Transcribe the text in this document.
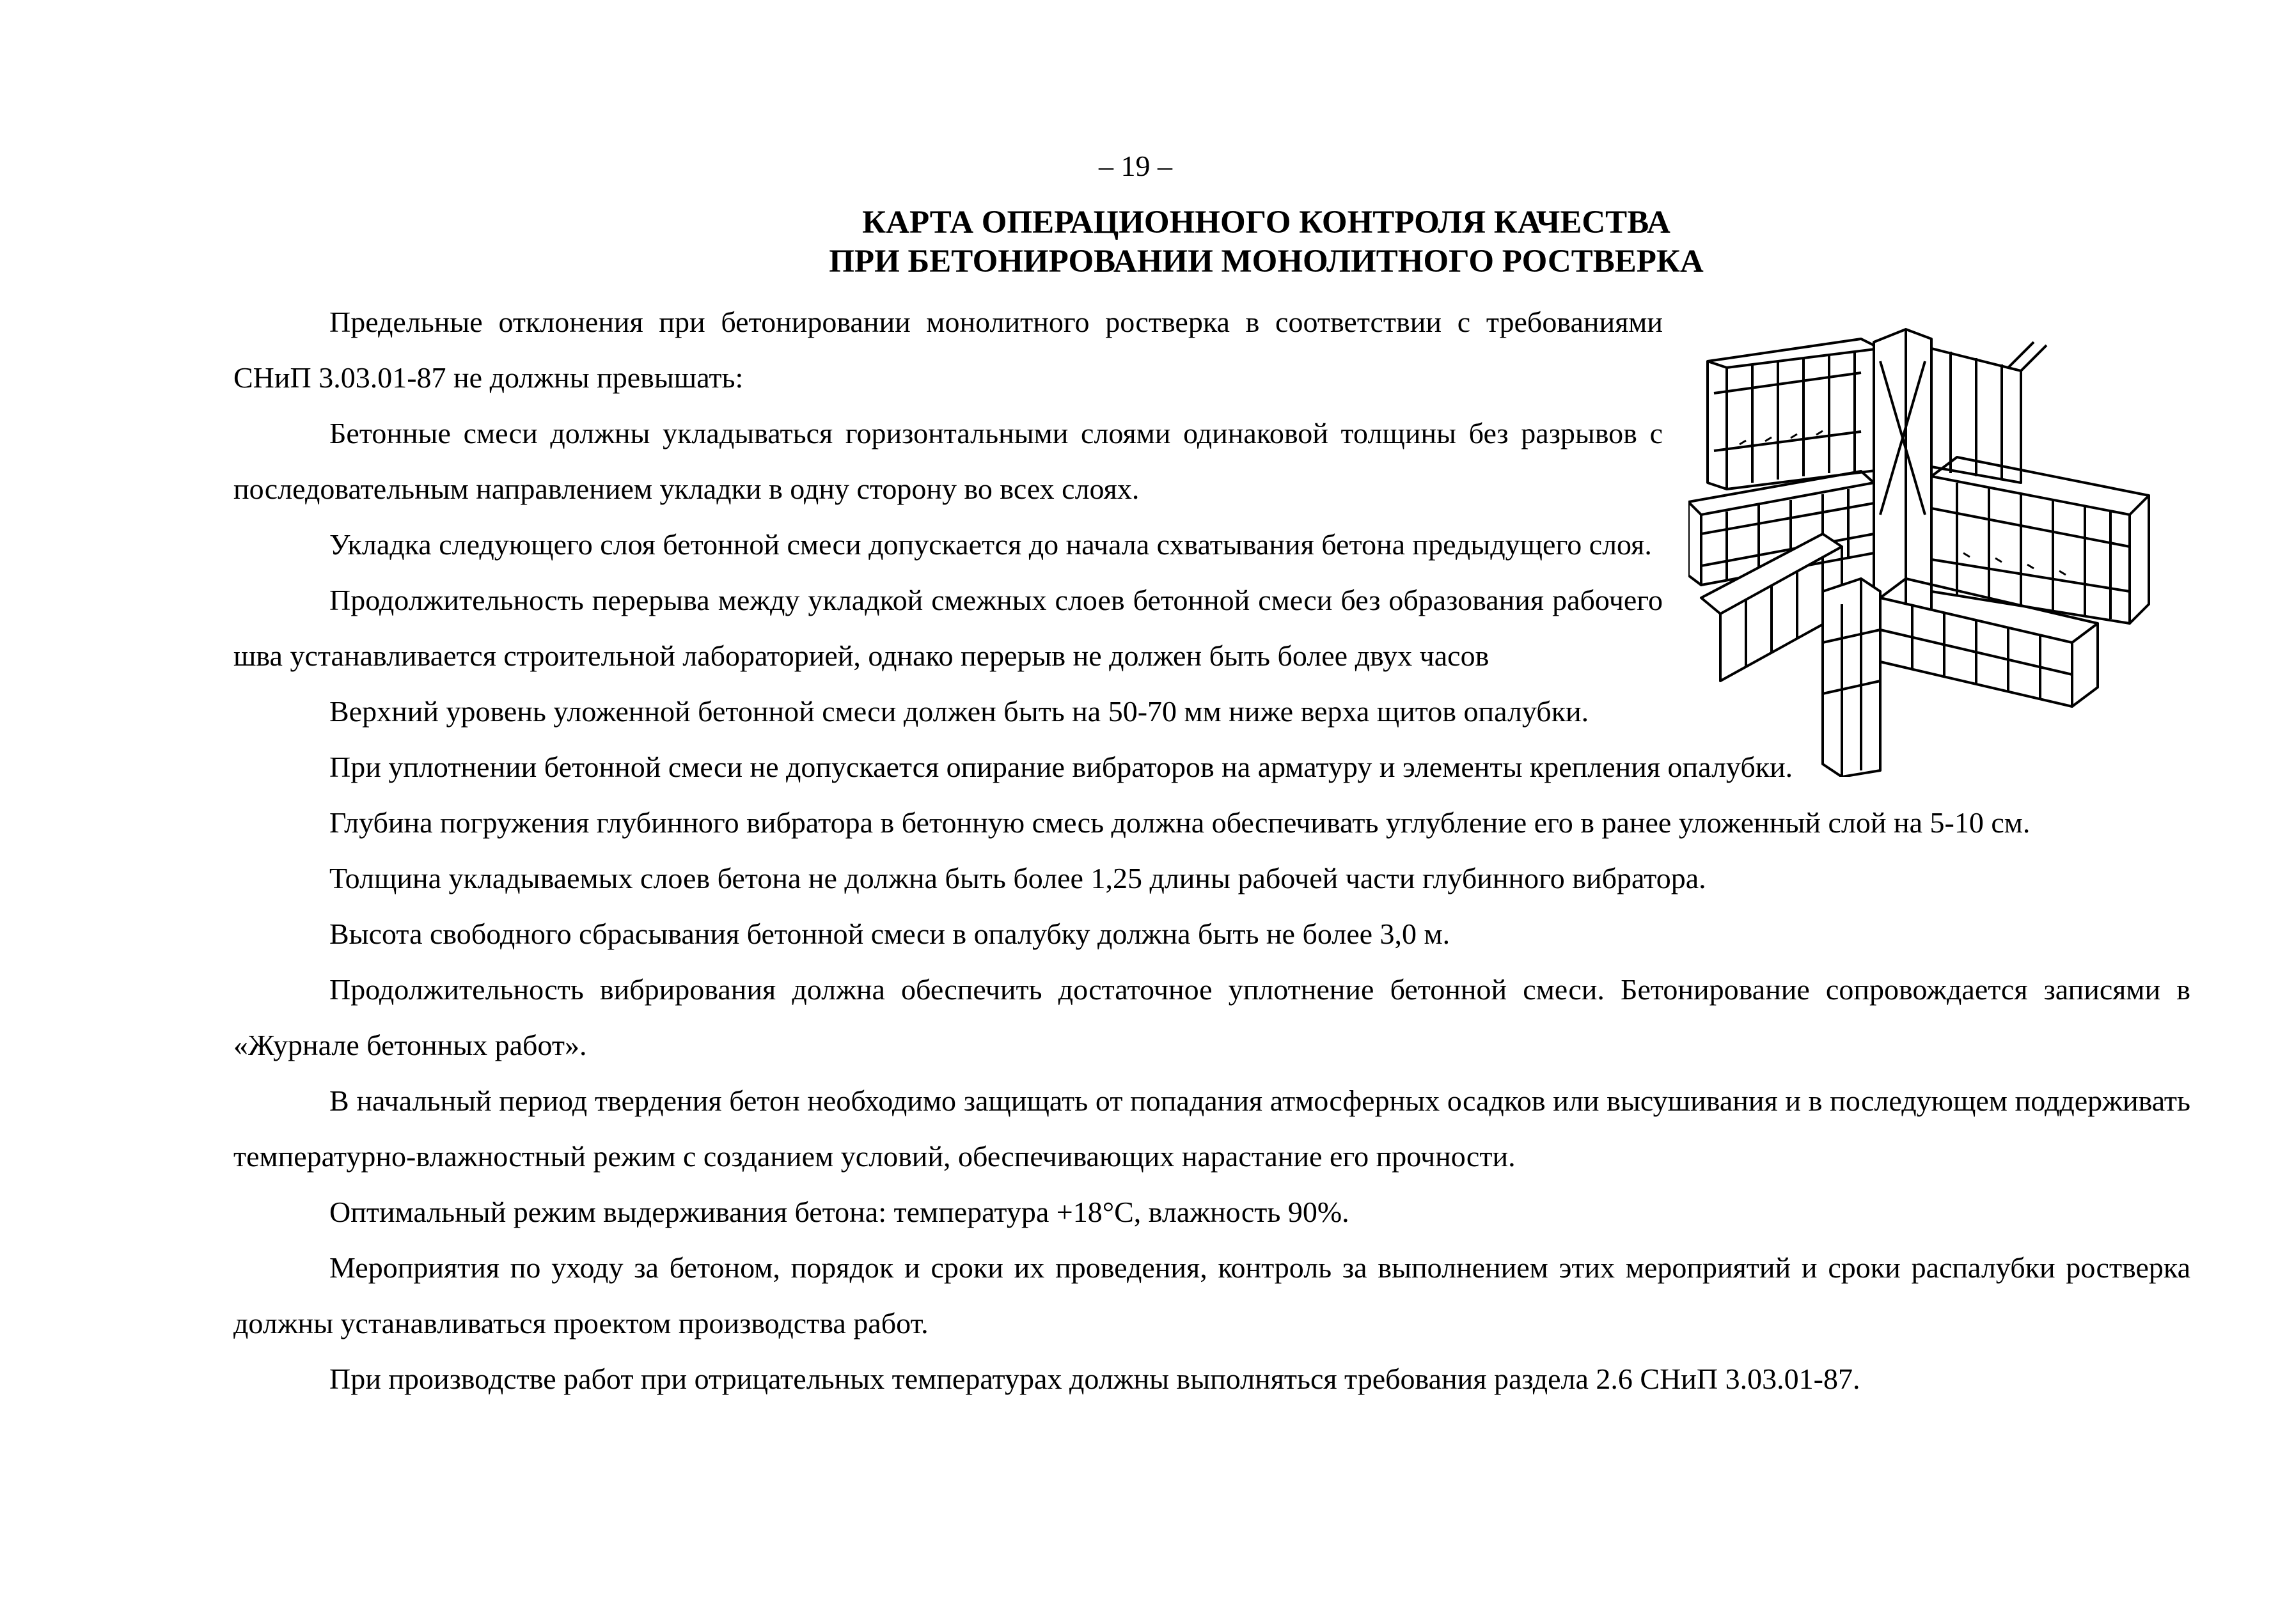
– 19 –
КАРТА ОПЕРАЦИОННОГО КОНТРОЛЯ КАЧЕСТВА
ПРИ БЕТОНИРОВАНИИ МОНОЛИТНОГО РОСТВЕРКА

Предельные отклонения при бетонировании монолитного ростверка в соответствии с требованиями СНиП 3.03.01-87 не должны превышать:

Бетонные смеси должны укладываться горизонтальными слоями одинаковой толщины без разрывов с последовательным направлением укладки в одну сторону во всех слоях.

Укладка следующего слоя бетонной смеси допускается до начала схватывания бетона предыдущего слоя.

Продолжительность перерыва между укладкой смежных слоев бетонной смеси без образования рабочего шва устанавливается строительной лабораторией, однако перерыв не должен быть более двух часов

Верхний уровень уложенной бетонной смеси должен быть на 50-70 мм ниже верха щитов опалубки.

При уплотнении бетонной смеси не допускается опирание вибраторов на арматуру и элементы крепления опалубки.

Глубина погружения глубинного вибратора в бетонную смесь должна обеспечивать углубление его в ранее уложенный слой на 5-10 см.

Толщина укладываемых слоев бетона не должна быть более 1,25 длины рабочей части глубинного вибратора.

Высота свободного сбрасывания бетонной смеси в опалубку должна быть не более 3,0 м.

Продолжительность вибрирования должна обеспечить достаточное уплотнение бетонной смеси. Бетонирование сопровождается записями в «Журнале бетонных работ».

В начальный период твердения бетон необходимо защищать от попадания атмосферных осадков или высушивания и в последующем поддерживать температурно-влажностный режим с созданием условий, обеспечивающих нарастание его прочности.

Оптимальный режим выдерживания бетона: температура +18°С, влажность 90%.

Мероприятия по уходу за бетоном, порядок и сроки их проведения, контроль за выполнением этих мероприятий и сроки распалубки ростверка должны устанавливаться проектом производства работ.

При производстве работ при отрицательных температурах должны выполняться требования раздела 2.6 СНиП 3.03.01-87.
